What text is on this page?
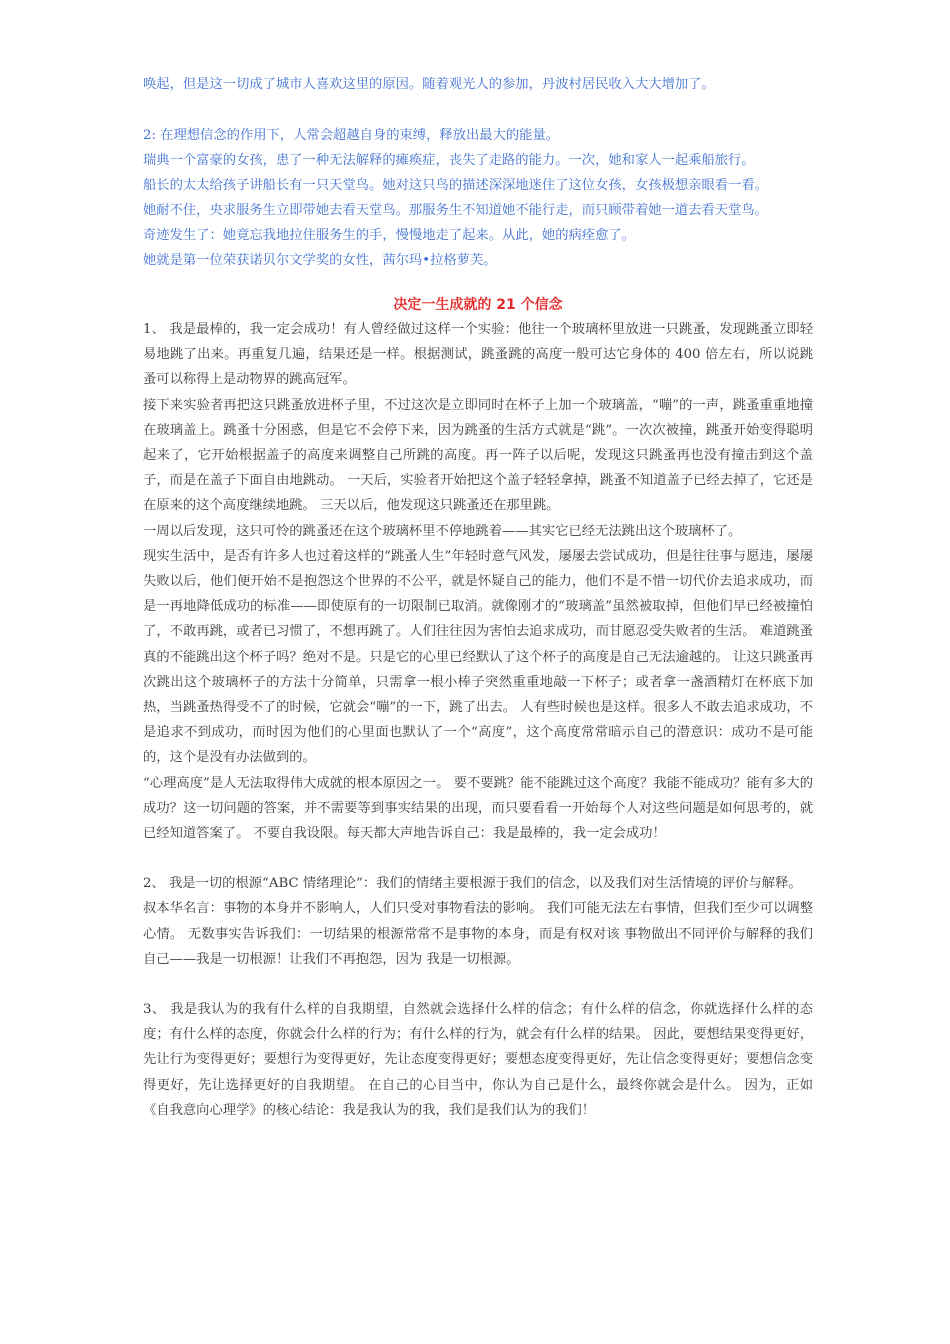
唤起，但是这一切成了城市人喜欢这里的原因。随着观光人的参加，丹波村居民收入大大增加了。

2: 在理想信念的作用下，人常会超越自身的束缚，释放出最大的能量。

瑞典一个富豪的女孩，患了一种无法解释的瘫痪症，丧失了走路的能力。一次，她和家人一起乘船旅行。

船长的太太给孩子讲船长有一只天堂鸟。她对这只鸟的描述深深地迷住了这位女孩，女孩极想亲眼看一看。

她耐不住，央求服务生立即带她去看天堂鸟。那服务生不知道她不能行走，而只顾带着她一道去看天堂鸟。

奇迹发生了：她竟忘我地拉住服务生的手，慢慢地走了起来。从此，她的病痊愈了。

她就是第一位荣获诺贝尔文学奖的女性，茜尔玛•拉格萝芙。

决定一生成就的 21 个信念

1、 我是最棒的，我一定会成功！有人曾经做过这样一个实验：他往一个玻璃杯里放进一只跳蚤，发现跳蚤立即轻易地跳了出来。再重复几遍，结果还是一样。根据测试，跳蚤跳的高度一般可达它身体的 400 倍左右，所以说跳蚤可以称得上是动物界的跳高冠军。

接下来实验者再把这只跳蚤放进杯子里，不过这次是立即同时在杯子上加一个玻璃盖，“嘣”的一声，跳蚤重重地撞在玻璃盖上。跳蚤十分困惑，但是它不会停下来，因为跳蚤的生活方式就是“跳”。一次次被撞，跳蚤开始变得聪明起来了，它开始根据盖子的高度来调整自己所跳的高度。再一阵子以后呢，发现这只跳蚤再也没有撞击到这个盖子，而是在盖子下面自由地跳动。 一天后，实验者开始把这个盖子轻轻拿掉，跳蚤不知道盖子已经去掉了，它还是在原来的这个高度继续地跳。 三天以后，他发现这只跳蚤还在那里跳。

一周以后发现，这只可怜的跳蚤还在这个玻璃杯里不停地跳着——其实它已经无法跳出这个玻璃杯了。

现实生活中，是否有许多人也过着这样的“跳蚤人生”年轻时意气风发，屡屡去尝试成功，但是往往事与愿违，屡屡失败以后，他们便开始不是抱怨这个世界的不公平，就是怀疑自己的能力，他们不是不惜一切代价去追求成功，而是一再地降低成功的标准——即使原有的一切限制已取消。就像刚才的“玻璃盖”虽然被取掉，但他们早已经被撞怕了，不敢再跳，或者已习惯了，不想再跳了。人们往往因为害怕去追求成功，而甘愿忍受失败者的生活。 难道跳蚤真的不能跳出这个杯子吗？绝对不是。只是它的心里已经默认了这个杯子的高度是自己无法逾越的。 让这只跳蚤再次跳出这个玻璃杯子的方法十分简单，只需拿一根小棒子突然重重地敲一下杯子；或者拿一盏酒精灯在杯底下加热，当跳蚤热得受不了的时候，它就会“嘣”的一下，跳了出去。 人有些时候也是这样。很多人不敢去追求成功，不是追求不到成功，而时因为他们的心里面也默认了一个“高度”，这个高度常常暗示自己的潜意识：成功不是可能的，这个是没有办法做到的。

“心理高度”是人无法取得伟大成就的根本原因之一。 要不要跳？能不能跳过这个高度？我能不能成功？能有多大的成功？这一切问题的答案，并不需要等到事实结果的出现，而只要看看一开始每个人对这些问题是如何思考的，就已经知道答案了。 不要自我设限。每天都大声地告诉自己：我是最棒的，我一定会成功！

2、 我是一切的根源“ABC 情绪理论”：我们的情绪主要根源于我们的信念，以及我们对生活情境的评价与解释。

叔本华名言：事物的本身并不影响人，人们只受对事物看法的影响。 我们可能无法左右事情，但我们至少可以调整心情。 无数事实告诉我们：一切结果的根源常常不是事物的本身，而是有权对该 事物做出不同评价与解释的我们自己——我是一切根源！让我们不再抱怨，因为 我是一切根源。

3、 我是我认为的我有什么样的自我期望，自然就会选择什么样的信念；有什么样的信念，你就选择什么样的态度；有什么样的态度，你就会什么样的行为；有什么样的行为，就会有什么样的结果。 因此，要想结果变得更好，先让行为变得更好；要想行为变得更好，先让态度变得更好；要想态度变得更好，先让信念变得更好；要想信念变得更好，先让选择更好的自我期望。 在自己的心目当中，你认为自己是什么，最终你就会是什么。 因为，正如《自我意向心理学》的核心结论：我是我认为的我，我们是我们认为的我们！
